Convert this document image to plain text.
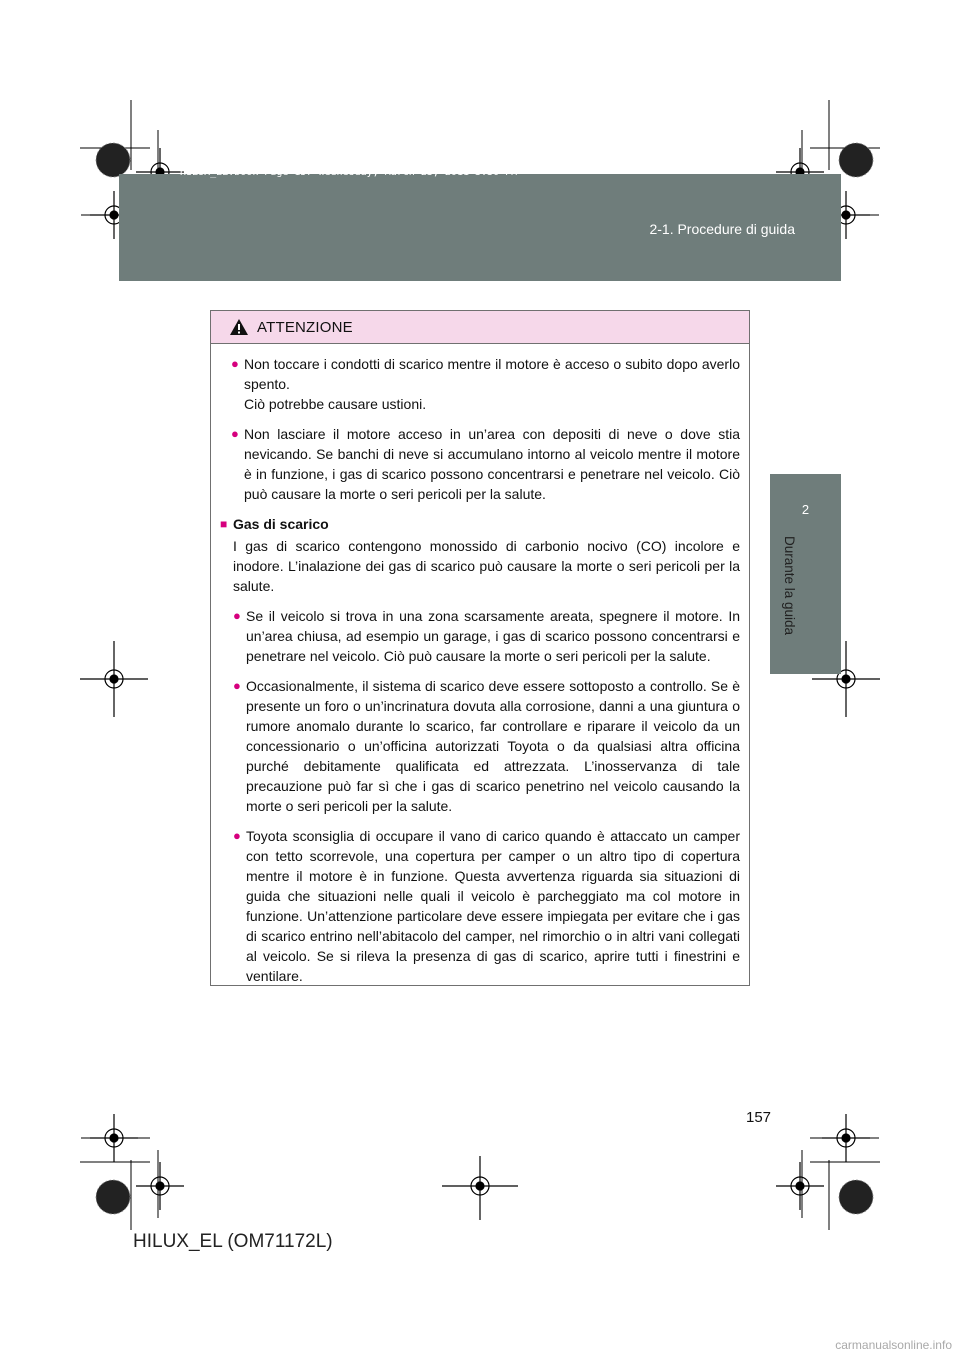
HILUX_EL.book Page 157 Wednesday, March 23, 2011 3:30 PM
2-1. Procedure di guida
2
Durante la guida
ATTENZIONE
● Non toccare i condotti di scarico mentre il motore è acceso o subito dopo averlo spento.

Ciò potrebbe causare ustioni.

● Non lasciare il motore acceso in un’area con depositi di neve o dove stia nevicando. Se banchi di neve si accumulano intorno al veicolo mentre il motore è in funzione, i gas di scarico possono concentrarsi e penetrare nel veicolo. Ciò può causare la morte o seri pericoli per la salute.

■ Gas di scarico

I gas di scarico contengono monossido di carbonio nocivo (CO) incolore e inodore. L’inalazione dei gas di scarico può causare la morte o seri pericoli per la salute.

● Se il veicolo si trova in una zona scarsamente areata, spegnere il motore. In un’area chiusa, ad esempio un garage, i gas di scarico possono concentrarsi e penetrare nel veicolo. Ciò può causare la morte o seri pericoli per la salute.

● Occasionalmente, il sistema di scarico deve essere sottoposto a controllo. Se è presente un foro o un’incrinatura dovuta alla corrosione, danni a una giuntura o rumore anomalo durante lo scarico, far controllare e riparare il veicolo da un concessionario o un’officina autorizzati Toyota o da qualsiasi altra officina purché debitamente qualificata ed attrezzata. L’inosservanza di tale precauzione può far sì che i gas di scarico penetrino nel veicolo causando la morte o seri pericoli per la salute.

● Toyota sconsiglia di occupare il vano di carico quando è attaccato un camper con tetto scorrevole, una copertura per camper o un altro tipo di copertura mentre il motore è in funzione. Questa avvertenza riguarda sia situazioni di guida che situazioni nelle quali il veicolo è parcheggiato ma col motore in funzione. Un’attenzione particolare deve essere impiegata per evitare che i gas di scarico entrino nell’abitacolo del camper, nel rimorchio o in altri vani collegati al veicolo. Se si rileva la presenza di gas di scarico, aprire tutti i finestrini e ventilare.

157
HILUX_EL (OM71172L)
carmanualsonline.info
